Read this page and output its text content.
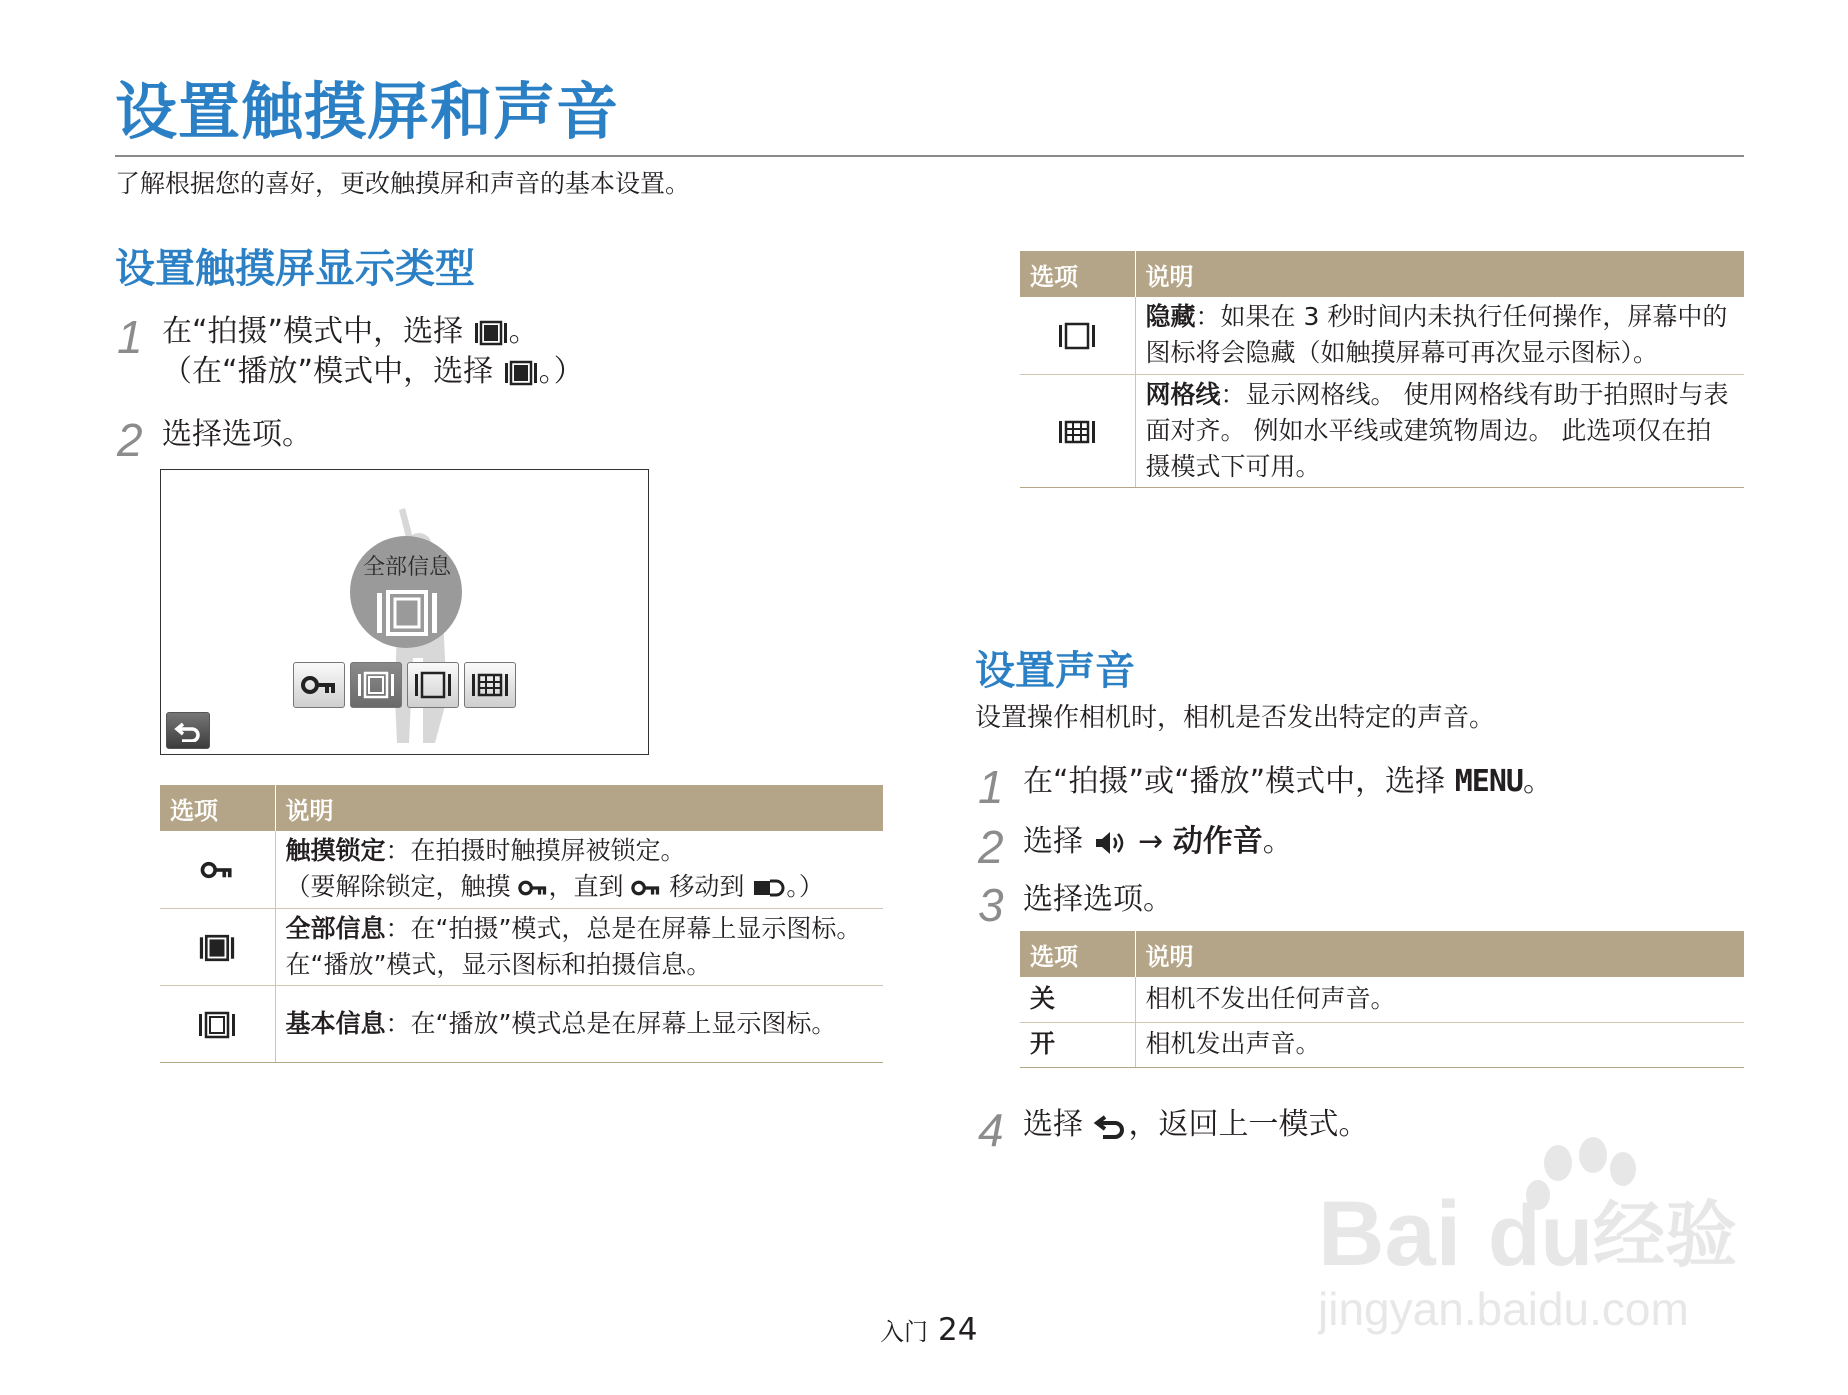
设置触摸屏和声音
了解根据您的喜好，更改触摸屏和声音的基本设置。
设置触摸屏显示类型
1 在“拍摄”模式中，选择 。
（在“播放”模式中，选择 。）
2 选择选项。
全部信息
选项	说明
	触摸锁定：在拍摄时触摸屏被锁定。
（要解除锁定，触摸 ，直到 移动到 。）
	全部信息：在“拍摄”模式，总是在屏幕上显示图标。在“播放”模式，显示图标和拍摄信息。
	基本信息：在“播放”模式总是在屏幕上显示图标。
选项	说明
	隐藏：如果在 3 秒时间内未执行任何操作，屏幕中的图标将会隐藏（如触摸屏幕可再次显示图标）。
	网格线：显示网格线。 使用网格线有助于拍照时与表面对齐。 例如水平线或建筑物周边。 此选项仅在拍摄模式下可用。
设置声音
设置操作相机时，相机是否发出特定的声音。
1 在“拍摄”或“播放”模式中，选择 MENU。
2 选择 → 动作音。
3 选择选项。
选项	说明
关	相机不发出任何声音。
开	相机发出声音。
4 选择 ，返回上一模式。
入门 24
Bai du 经验
jingyan.baidu.com
